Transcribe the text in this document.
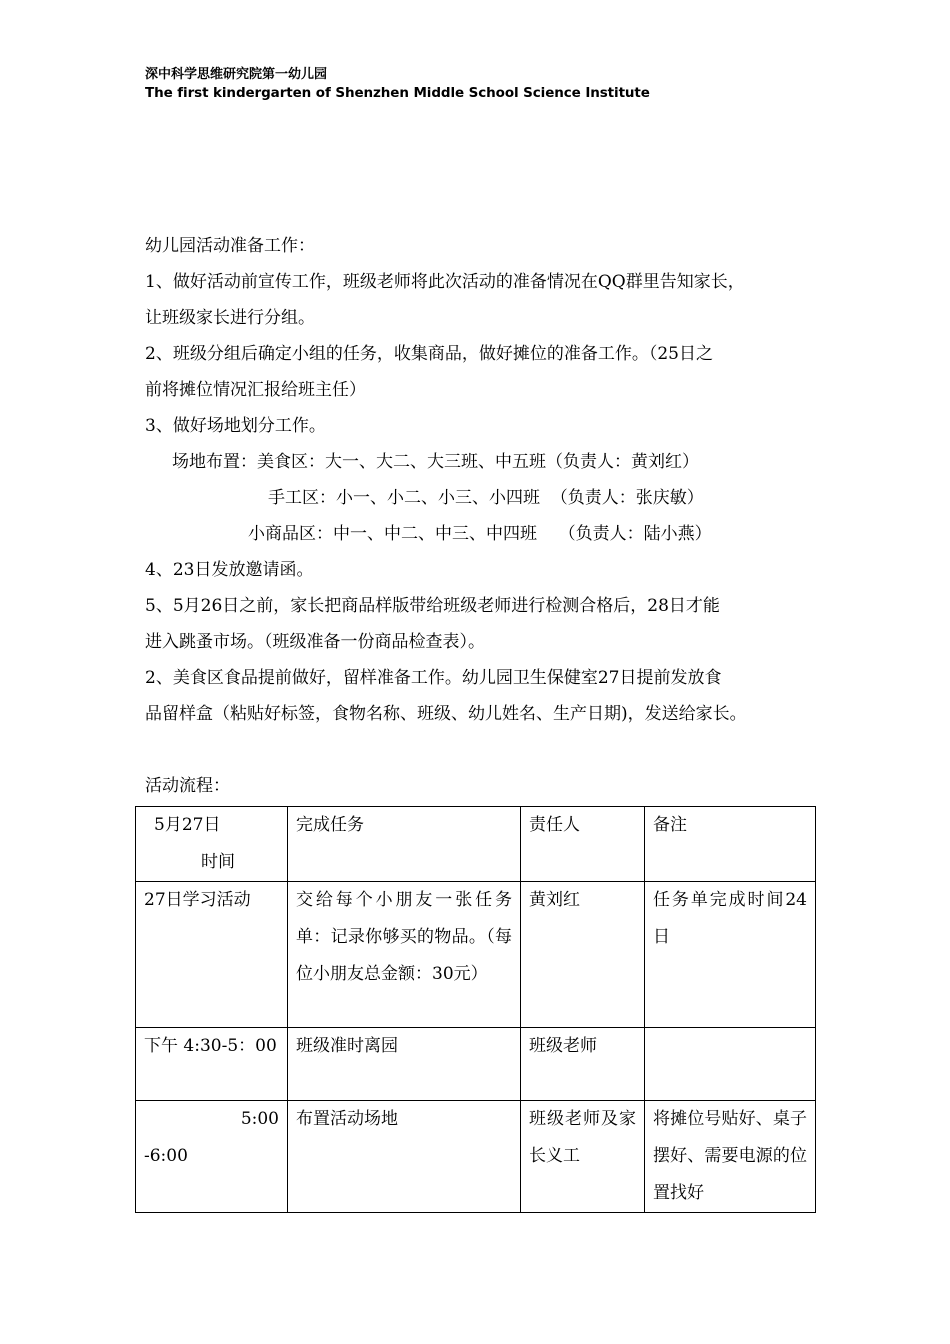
深中科学思维研究院第一幼儿园
The first kindergarten of Shenzhen Middle School Science Institute
幼儿园活动准备工作：
1、做好活动前宣传工作，班级老师将此次活动的准备情况在QQ群里告知家长，
让班级家长进行分组。
2、班级分组后确定小组的任务，收集商品，做好摊位的准备工作。（25日之
前将摊位情况汇报给班主任）
3、做好场地划分工作。
场地布置：美食区：大一、大二、大三班、中五班（负责人：黄刘红）
手工区：小一、小二、小三、小四班  （负责人：张庆敏）
小商品区：中一、中二、中三、中四班    （负责人：陆小燕）
4、23日发放邀请函。
5、5月26日之前，家长把商品样版带给班级老师进行检测合格后，28日才能
进入跳蚤市场。（班级准备一份商品检查表）。
2、美食区食品提前做好，留样准备工作。幼儿园卫生保健室27日提前发放食
品留样盒（粘贴好标签，食物名称、班级、幼儿姓名、生产日期)，发送给家长。
活动流程：
5月27日
时间	完成任务	责任人	备注
27日学习活动	交给每个小朋友一张任务单：记录你够买的物品。（每位小朋友总金额：30元）	黄刘红	任务单完成时间24日
下午 4:30-5：00	班级准时离园	班级老师	

5:00
-6:00	布置活动场地	班级老师及家长义工	将摊位号贴好、桌子摆好、需要电源的位置找好
